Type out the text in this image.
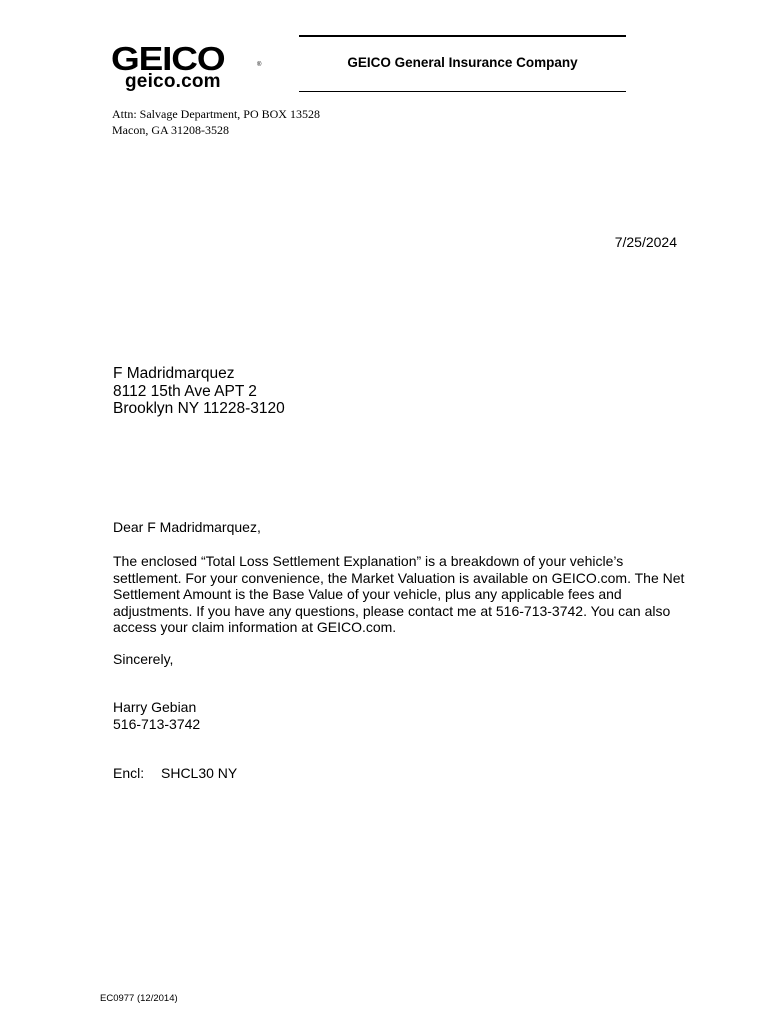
GEICO	®
geico.com
GEICO General Insurance Company
Attn: Salvage Department, PO BOX 13528
Macon, GA 31208-3528
7/25/2024
F Madridmarquez
8112 15th Ave APT 2
Brooklyn NY 11228-3120
Dear F Madridmarquez,
The enclosed “Total Loss Settlement Explanation” is a breakdown of your vehicle’s
settlement. For your convenience, the Market Valuation is available on GEICO.com. The Net
Settlement Amount is the Base Value of your vehicle, plus any applicable fees and
adjustments. If you have any questions, please contact me at 516-713-3742. You can also
access your claim information at GEICO.com.
Sincerely,
Harry Gebian
516-713-3742
Encl: SHCL30 NY
EC0977 (12/2014)
